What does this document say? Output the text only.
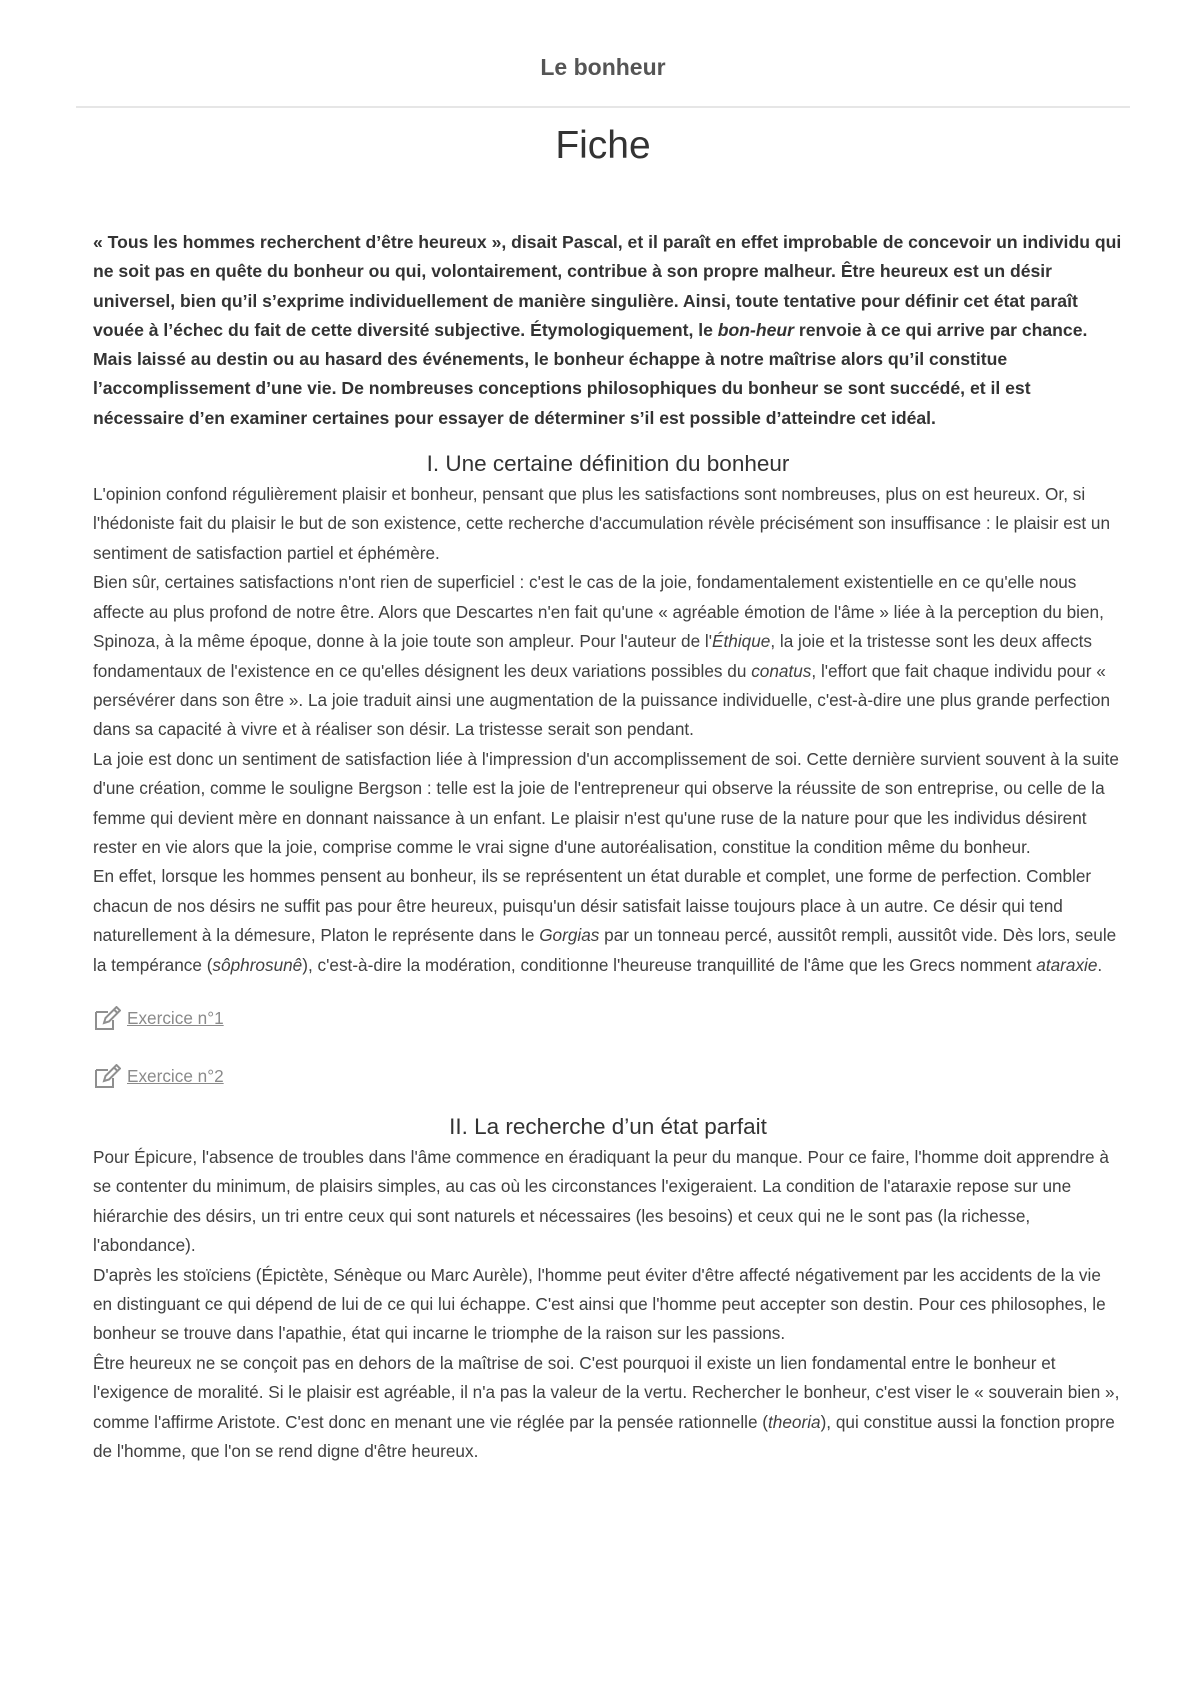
Le bonheur
Fiche

« Tous les hommes recherchent d’être heureux », disait Pascal, et il paraît en effet improbable de concevoir un individu qui ne soit pas en quête du bonheur ou qui, volontairement, contribue à son propre malheur. Être heureux est un désir universel, bien qu’il s’exprime individuellement de manière singulière. Ainsi, toute tentative pour définir cet état paraît vouée à l’échec du fait de cette diversité subjective. Étymologiquement, le bon-heur renvoie à ce qui arrive par chance. Mais laissé au destin ou au hasard des événements, le bonheur échappe à notre maîtrise alors qu’il constitue l’accomplissement d’une vie. De nombreuses conceptions philosophiques du bonheur se sont succédé, et il est nécessaire d’en examiner certaines pour essayer de déterminer s’il est possible d’atteindre cet idéal.

I. Une certaine définition du bonheur

L'opinion confond régulièrement plaisir et bonheur, pensant que plus les satisfactions sont nombreuses, plus on est heureux. Or, si l'hédoniste fait du plaisir le but de son existence, cette recherche d'accumulation révèle précisément son insuffisance : le plaisir est un sentiment de satisfaction partiel et éphémère.

Bien sûr, certaines satisfactions n'ont rien de superficiel : c'est le cas de la joie, fondamentalement existentielle en ce qu'elle nous affecte au plus profond de notre être. Alors que Descartes n'en fait qu'une « agréable émotion de l'âme » liée à la perception du bien, Spinoza, à la même époque, donne à la joie toute son ampleur. Pour l'auteur de l'Éthique, la joie et la tristesse sont les deux affects fondamentaux de l'existence en ce qu'elles désignent les deux variations possibles du conatus, l'effort que fait chaque individu pour « persévérer dans son être ». La joie traduit ainsi une augmentation de la puissance individuelle, c'est-à-dire une plus grande perfection dans sa capacité à vivre et à réaliser son désir. La tristesse serait son pendant.

La joie est donc un sentiment de satisfaction liée à l'impression d'un accomplissement de soi. Cette dernière survient souvent à la suite d'une création, comme le souligne Bergson : telle est la joie de l'entrepreneur qui observe la réussite de son entreprise, ou celle de la femme qui devient mère en donnant naissance à un enfant. Le plaisir n'est qu'une ruse de la nature pour que les individus désirent rester en vie alors que la joie, comprise comme le vrai signe d'une autoréalisation, constitue la condition même du bonheur.

En effet, lorsque les hommes pensent au bonheur, ils se représentent un état durable et complet, une forme de perfection. Combler chacun de nos désirs ne suffit pas pour être heureux, puisqu'un désir satisfait laisse toujours place à un autre. Ce désir qui tend naturellement à la démesure, Platon le représente dans le Gorgias par un tonneau percé, aussitôt rempli, aussitôt vide. Dès lors, seule la tempérance (sôphrosunê), c'est-à-dire la modération, conditionne l'heureuse tranquillité de l'âme que les Grecs nomment ataraxie.

Exercice n°1
Exercice n°2
II. La recherche d’un état parfait

Pour Épicure, l'absence de troubles dans l'âme commence en éradiquant la peur du manque. Pour ce faire, l'homme doit apprendre à se contenter du minimum, de plaisirs simples, au cas où les circonstances l'exigeraient. La condition de l'ataraxie repose sur une hiérarchie des désirs, un tri entre ceux qui sont naturels et nécessaires (les besoins) et ceux qui ne le sont pas (la richesse, l'abondance).

D'après les stoïciens (Épictète, Sénèque ou Marc Aurèle), l'homme peut éviter d'être affecté négativement par les accidents de la vie en distinguant ce qui dépend de lui de ce qui lui échappe. C'est ainsi que l'homme peut accepter son destin. Pour ces philosophes, le bonheur se trouve dans l'apathie, état qui incarne le triomphe de la raison sur les passions.

Être heureux ne se conçoit pas en dehors de la maîtrise de soi. C'est pourquoi il existe un lien fondamental entre le bonheur et l'exigence de moralité. Si le plaisir est agréable, il n'a pas la valeur de la vertu. Rechercher le bonheur, c'est viser le « souverain bien », comme l'affirme Aristote. C'est donc en menant une vie réglée par la pensée rationnelle (theoria), qui constitue aussi la fonction propre de l'homme, que l'on se rend digne d'être heureux.
